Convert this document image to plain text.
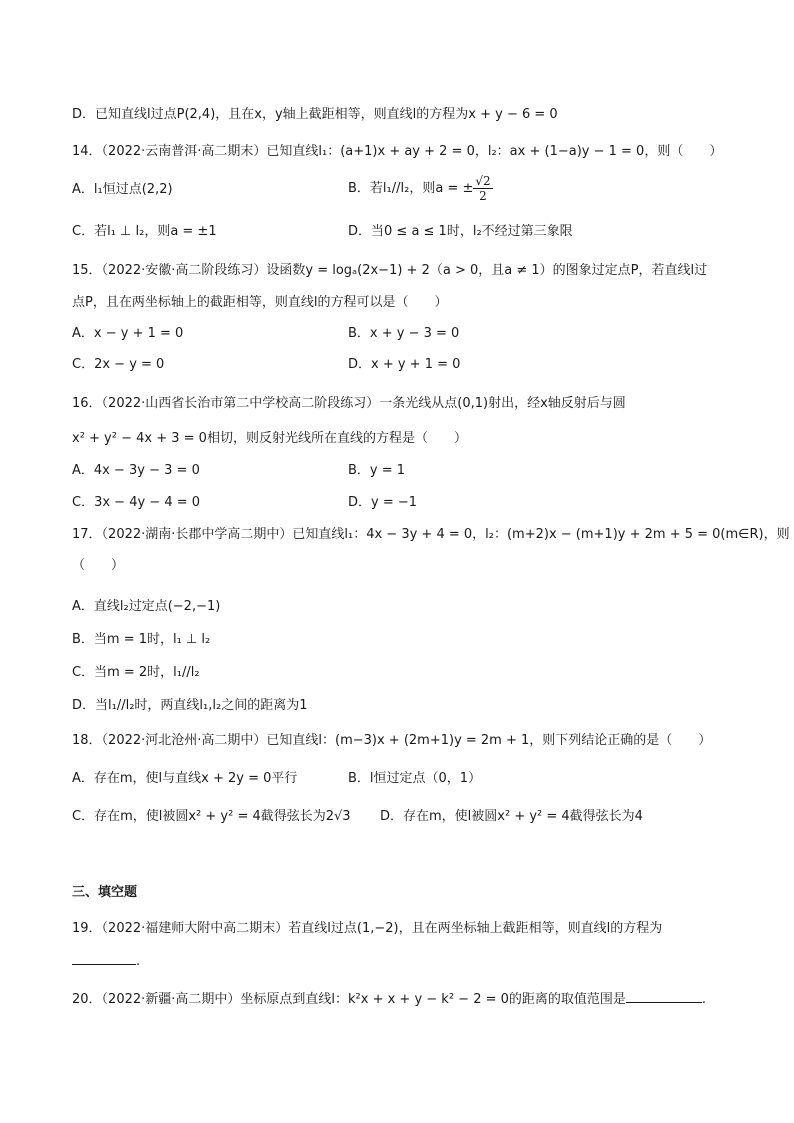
D．已知直线l过点P(2,4)，且在x，y轴上截距相等，则直线l的方程为x + y − 6 = 0
14．（2022·云南普洱·高二期末）已知直线l₁：(a+1)x + ay + 2 = 0，l₂：ax + (1−a)y − 1 = 0，则（　　）
A．l₁恒过点(2,2)	B．若l₁//l₂，则a = ± $\frac{√2}{2}$
C．若l₁ ⊥ l₂，则a = ±1	D．当0 ≤ a ≤ 1时，l₂不经过第三象限
15．（2022·安徽·高二阶段练习）设函数y = logₐ(2x−1) + 2（a > 0，且a ≠ 1）的图象过定点P，若直线l过
点P，且在两坐标轴上的截距相等，则直线l的方程可以是（　　）
A．x − y + 1 = 0	B．x + y − 3 = 0
C．2x − y = 0	D．x + y + 1 = 0
16．（2022·山西省长治市第二中学校高二阶段练习）一条光线从点(0,1)射出，经x轴反射后与圆
x² + y² − 4x + 3 = 0相切，则反射光线所在直线的方程是（　　）
A．4x − 3y − 3 = 0	B．y = 1
C．3x − 4y − 4 = 0	D．y = −1
17．（2022·湖南·长郡中学高二期中）已知直线l₁：4x − 3y + 4 = 0，l₂：(m+2)x − (m+1)y + 2m + 5 = 0(m∈R)，则
（　　）
A．直线l₂过定点(−2,−1)
B．当m = 1时，l₁ ⊥ l₂
C．当m = 2时，l₁//l₂
D．当l₁//l₂时，两直线l₁,l₂之间的距离为1
18．（2022·河北沧州·高二期中）已知直线l：(m−3)x + (2m+1)y = 2m + 1，则下列结论正确的是（　　）
A．存在m，使l与直线x + 2y = 0平行	B．l恒过定点（0，1）
C．存在m，使l被圆x² + y² = 4截得弦长为2√3 D．存在m，使l被圆x² + y² = 4截得弦长为4
三、填空题
19．（2022·福建师大附中高二期末）若直线l过点(1,−2)，且在两坐标轴上截距相等，则直线l的方程为
.
20．（2022·新疆·高二期中）坐标原点到直线l：k²x + x + y − k² − 2 = 0的距离的取值范围是	.
